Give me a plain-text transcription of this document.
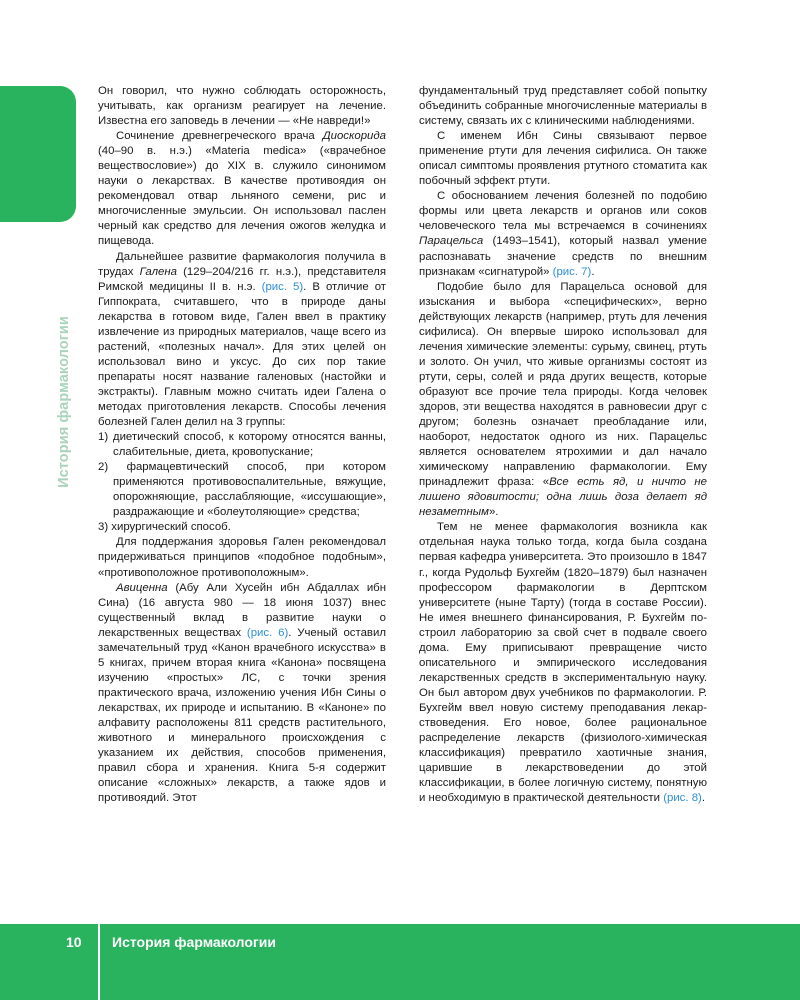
История фармакологии

Он говорил, что нужно соблюдать осторожность, учитывать, как организм реагирует на лечение. Известна его заповедь в лечении — «Не навреди!»

Сочинение древнегреческого врача Диоскорида (40–90 в. н.э.) «Materia medica» («врачебное веществословие») до XIX в. служило синонимом науки о лекарствах. В качестве противоядия он рекомендовал отвар льняного семени, рис и многочисленные эмульсии. Он использовал паслен черный как средство для лечения ожогов желудка и пищевода.

Дальнейшее развитие фармакология получила в трудах Галена (129–204/216 гг. н.э.), представителя Римской медицины II в. н.э. (рис. 5). В отличие от Гиппократа, считавшего, что в природе даны лекарства в готовом виде, Гален ввел в практику извлечение из природных материалов, чаще всего из растений, «полезных начал». Для этих целей он использовал вино и уксус. До сих пор такие препараты носят название галеновых (настойки и экстракты). Главным можно считать идеи Галена о методах приготовления лекарств. Способы лечения болезней Гален делил на 3 группы:

1) диетический способ, к которому относятся ванны, слабительные, диета, кровопускание;
2) фармацевтический способ, при котором применяются противовоспалительные, вяжущие, опорожняющие, расслабляющие, «иссушающие», раздражающие и «болеутоляющие» средства;
3) хирургический способ.

Для поддержания здоровья Гален рекомендовал придерживаться принципов «подобное подобным», «противоположное противоположным».

Авиценна (Абу Али Хусейн ибн Абдаллах ибн Сина) (16 августа 980 — 18 июня 1037) внес существенный вклад в развитие науки о лекарственных веществах (рис. 6). Ученый оставил замечательный труд «Канон врачебного искусства» в 5 книгах, причем вторая книга «Канона» посвящена изучению «простых» ЛС, с точки зрения практического врача, изложению учения Ибн Сины о лекарствах, их природе и испытанию. В «Каноне» по алфавиту расположены 811 средств растительного, животного и минерального происхождения с указанием их действия, способов применения, правил сбора и хранения. Книга 5-я содержит описание «сложных» лекарств, а также ядов и противоядий. Этот

фундаментальный труд представляет собой попытку объединить собранные многочисленные материалы в систему, связать их с клиническими наблюдениями.

С именем Ибн Сины связывают первое применение ртути для лечения сифилиса. Он также описал симптомы проявления ртутного стоматита как побочный эффект ртути.

С обоснованием лечения болезней по подобию формы или цвета лекарств и органов или соков человеческого тела мы встречаемся в сочинениях Парацельса (1493–1541), который назвал умение распознавать значение средств по внешним признакам «сигнатурой» (рис. 7).

Подобие было для Парацельса основой для изыскания и выбора «специфических», верно действующих лекарств (например, ртуть для лечения сифилиса). Он впервые широко использовал для лечения химические элементы: сурьму, свинец, ртуть и золото. Он учил, что живые организмы состоят из ртути, серы, солей и ряда других веществ, которые образуют все прочие тела природы. Когда человек здоров, эти вещества находятся в равновесии друг с другом; болезнь означает преобладание или, наоборот, недостаток одного из них. Парацельс является основателем ятрохимии и дал начало химическому направлению фармакологии. Ему принадлежит фраза: «Все есть яд, и ничто не лишено ядовитости; одна лишь доза делает яд незаметным».

Тем не менее фармакология возникла как отдельная наука только тогда, когда была создана первая кафедра университета. Это произошло в 1847 г., когда Рудольф Бухгейм (1820–1879) был назначен профессором фармакологии в Дерптском университете (ныне Тарту) (тогда в составе России). Не имея внешнего финансирования, Р. Бухгейм построил лабораторию за свой счет в подвале своего дома. Ему приписывают превращение чисто описательного и эмпирического исследования лекарственных средств в экспериментальную науку. Он был автором двух учебников по фармакологии. Р. Бухгейм ввел новую систему преподавания лекарствоведения. Его новое, более рациональное распределение лекарств (физиолого-химическая классификация) превратило хаотичные знания, царившие в лекарствоведении до этой классификации, в более логичную систему, понятную и необходимую в практической деятельности (рис. 8).

10 История фармакологии
